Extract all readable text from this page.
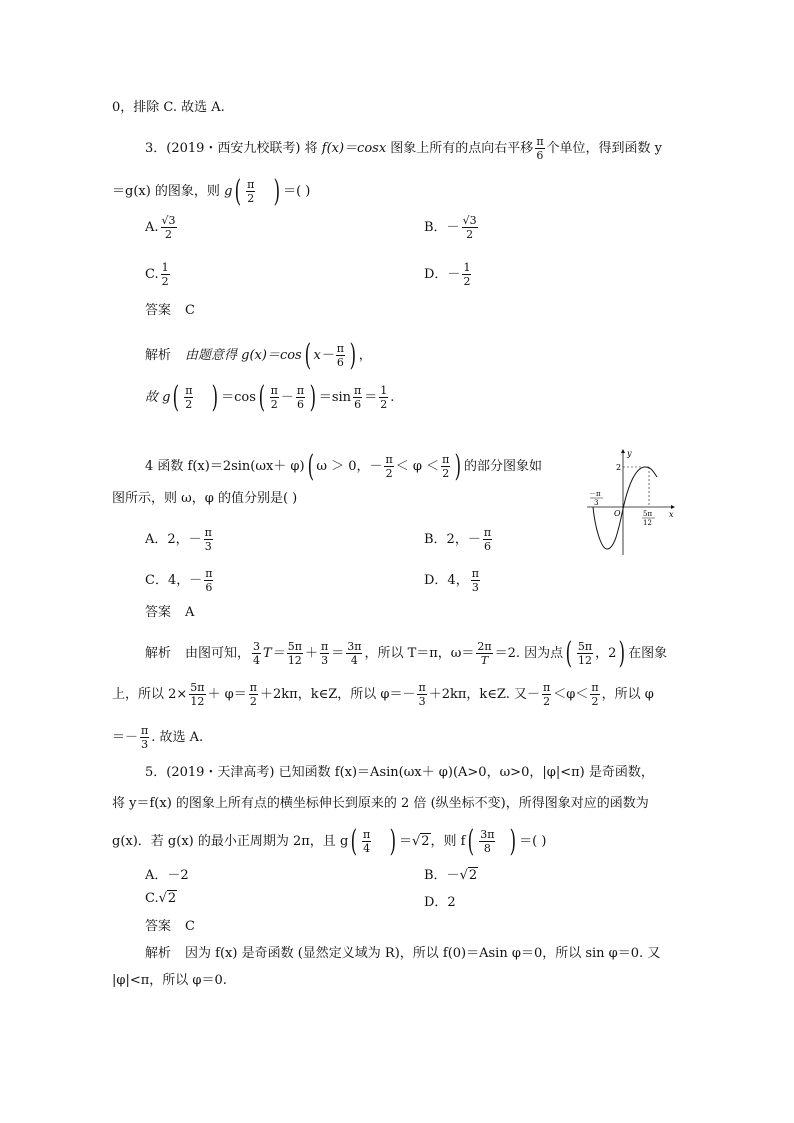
0，排除 C. 故选 A.
3．(2019・西安九校联考) 将 f(x)＝cosx 图象上所有的点向右平移 $\frac{\pi}{6}$ 个单位，得到函数 y
＝g(x) 的图象，则 $g( \frac{\pi}{2}$ ) ＝( )
A. $\frac{√3}{2}$	B．－ $\frac{√3}{2}$
C. $\frac{1}{2}$	D．－ $\frac{1}{2}$
答案 C
解析 由题意得 g(x)＝cos( $x- \frac{\pi}{6}$ ) ，
故 $g( \frac{\pi}{2}$ ) $=\cos( \frac{\pi}{2} - \frac{\pi}{6}$ ) $=\sin \frac{\pi}{6} = \frac{1}{2}$ .
4 函数 f(x)＝2sin(ωx＋ φ)( ω ＞ 0，－ $\frac{\pi}{2} < \varphi < \frac{\pi}{2}$ ) 的部分图象如
图所示，则 ω，φ 的值分别是( )
A．2，－ $\frac{\pi}{3}$	B．2，－ $\frac{\pi}{6}$
C．4，－ $\frac{\pi}{6}$	D．4， $\frac{\pi}{3}$
答案 A
解析 由图可知， $\frac{3}{4} T= \frac{5\pi}{12} + \frac{\pi}{3} = \frac{3\pi}{4}$ ，所以 T＝π，$\omega= \frac{2\pi}{T} =2$. 因为点( $\frac{5\pi}{12}$ ，2) 在图象
上，所以 $2\times \frac{5\pi}{12} + \varphi= \frac{\pi}{2} +2k\pi$，k∈Z，所以 $\varphi=- \frac{\pi}{3} +2k\pi$，k∈Z. 又－ $\frac{\pi}{2} <\varphi< \frac{\pi}{2}$ ，所以 φ
＝－ $\frac{\pi}{3}$ . 故选 A.
y
x
O
2
－π
3
5π
12
5．(2019・天津高考) 已知函数 f(x)＝Asin(ωx＋ φ)(A>0，ω>0，|φ|<π) 是奇函数，
将 y＝f(x) 的图象上所有点的横坐标伸长到原来的 2 倍 (纵坐标不变)，所得图象对应的函数为
g(x)．若 g(x) 的最小正周期为 2π，且 $g( \frac{\pi}{4}$ ) ＝√2，则 $f( \frac{3\pi}{8}$ ) ＝( )
A．－2	B．－√2
C.√2	D．2
答案 C
解析 因为 f(x) 是奇函数 (显然定义域为 R)，所以 f(0)＝Asin φ＝0，所以 sin φ＝0. 又
|φ|<π，所以 φ＝0.
